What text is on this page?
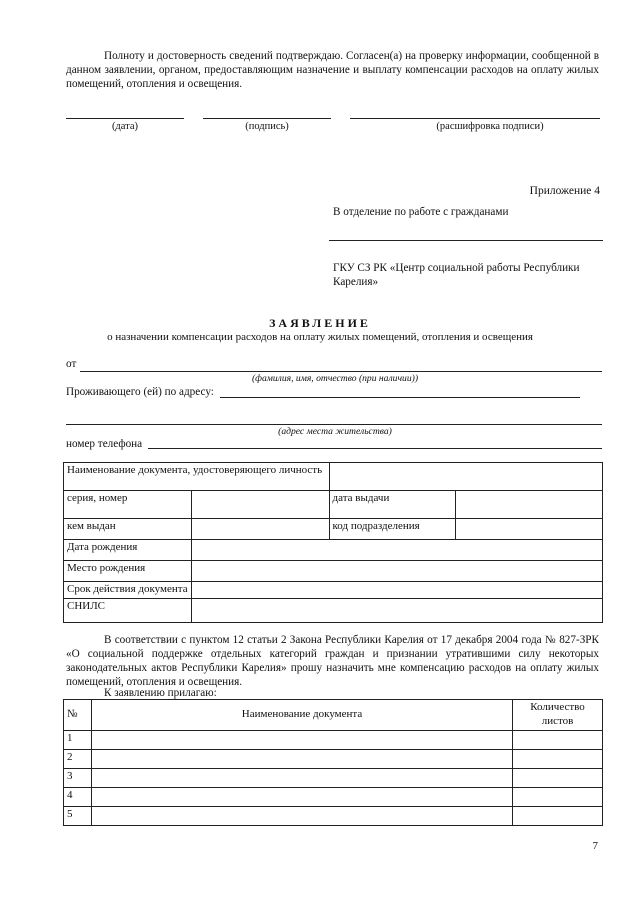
Полноту и достоверность сведений подтверждаю. Согласен(а) на проверку информации, сообщенной в данном заявлении, органом, предоставляющим назначение и выплату компенсации расходов на оплату жилых помещений, отопления и освещения.
(дата)	(подпись)	(расшифровка подписи)
Приложение 4
В отделение по работе с гражданами
ГКУ СЗ РК «Центр социальной работы Республики Карелия»
ЗАЯВЛЕНИЕ
о назначении компенсации расходов на оплату жилых помещений, отопления и освещения
от
(фамилия, имя, отчество (при наличии))
Проживающего (ей) по адресу:
(адрес места жительства)
номер телефона
Наименование документа, удостоверяющего личность			
серия, номер		дата выдачи	
кем выдан		код подразделения	
Дата рождения			
Место рождения			
Срок действия документа			
СНИЛС			
В соответствии с пунктом 12 статьи 2 Закона Республики Карелия от 17 декабря 2004 года № 827-ЗРК «О социальной поддержке отдельных категорий граждан и признании утратившими силу некоторых законодательных актов Республики Карелия» прошу назначить мне компенсацию расходов на оплату жилых помещений, отопления и освещения.
К заявлению прилагаю:
№	Наименование документа	Количество листов
1		
2		
3		
4		
5		
7
